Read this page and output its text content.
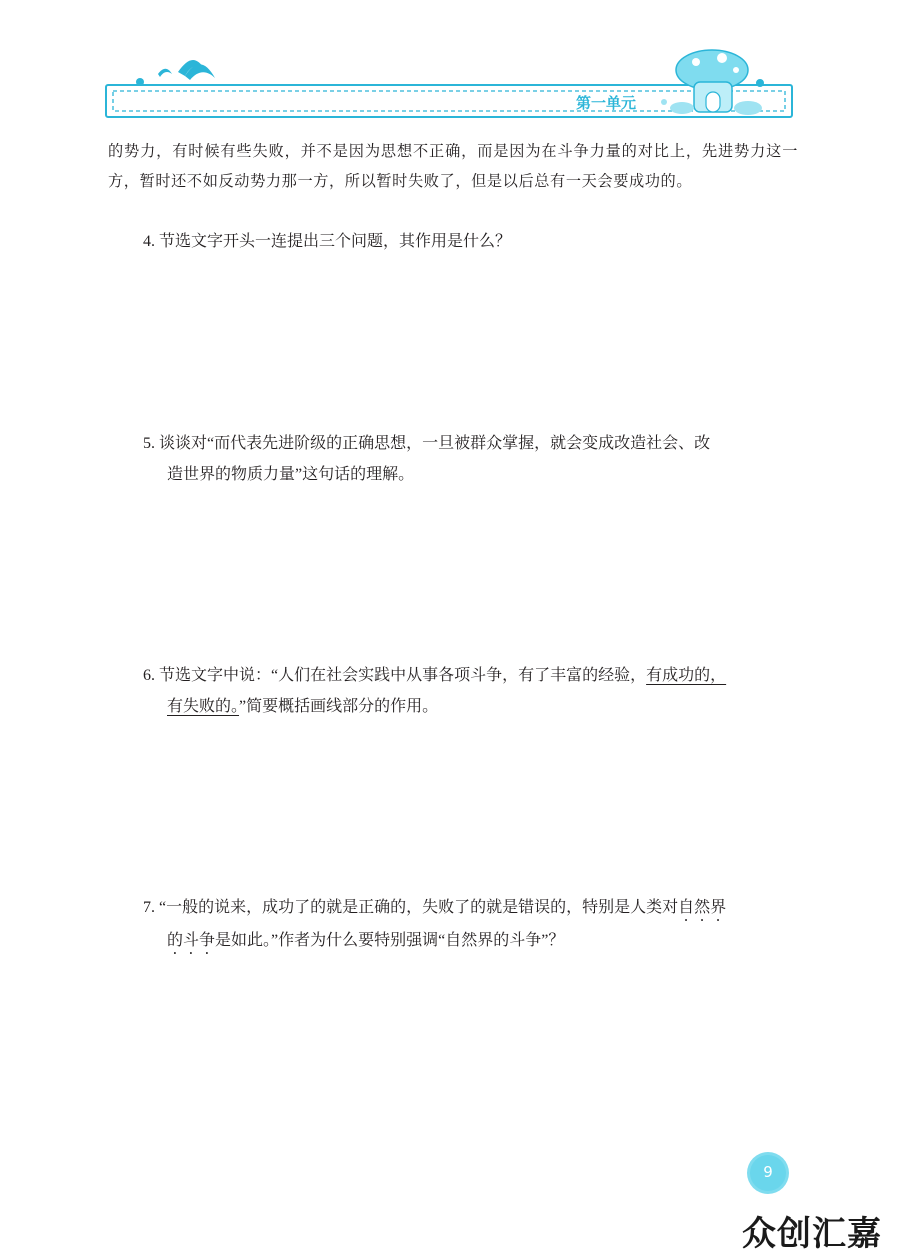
第一单元
的势力，有时候有些失败，并不是因为思想不正确，而是因为在斗争力量的对比上，先进势力这一方，暂时还不如反动势力那一方，所以暂时失败了，但是以后总有一天会要成功的。
4. 节选文字开头一连提出三个问题，其作用是什么？
5. 谈谈对“而代表先进阶级的正确思想，一旦被群众掌握，就会变成改造社会、改
造世界的物质力量”这句话的理解。
6. 节选文字中说：“人们在社会实践中从事各项斗争，有了丰富的经验，有成功的，
有失败的。”简要概括画线部分的作用。
7. “一般的说来，成功了的就是正确的，失败了的就是错误的，特别是人类对自然界
的斗争是如此。”作者为什么要特别强调“自然界的斗争”？
9
众创汇嘉
